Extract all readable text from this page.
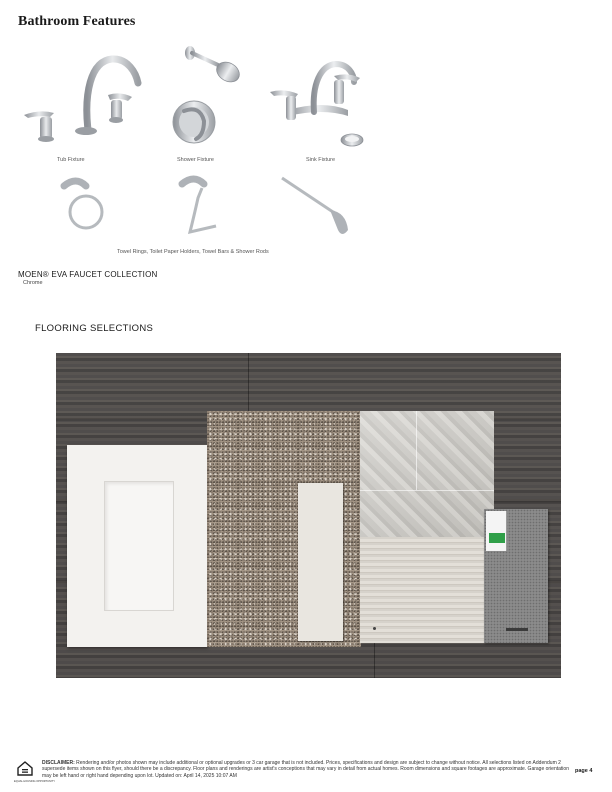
Bathroom Features
Tub Fixture	Shower Fixture	Sink Fixture
Towel Rings, Toilet Paper Holders, Towel Bars & Shower Rods
MOEN® EVA FAUCET COLLECTION
Chrome
FLOORING SELECTIONS
EQUAL HOUSING OPPORTUNITY
DISCLAIMER: Rendering and/or photos shown may include additional or optional upgrades or 3 car garage that is not included. Prices, specifications and design are subject to change without notice. All selections listed on Addendum 2 supersede items shown on this flyer, should there be a discrepancy. Floor plans and renderings are artist's conceptions that may vary in detail from actual homes. Room dimensions and square footages are approximate. Garage orientation may be left hand or right hand depending upon lot. Updated on: April 14, 2025 10:07 AM
page 4
